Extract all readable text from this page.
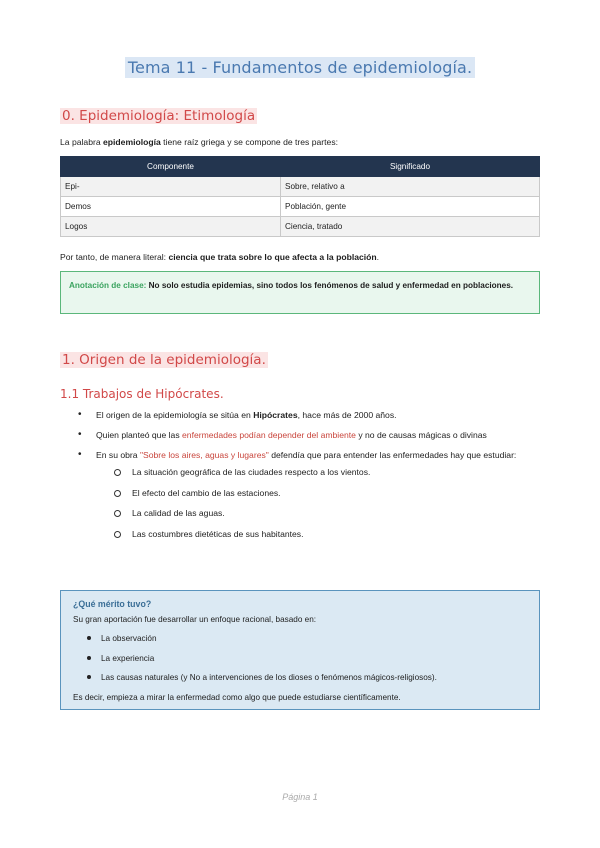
Tema 11 - Fundamentos de epidemiología.
0. Epidemiología: Etimología
La palabra epidemiología tiene raíz griega y se compone de tres partes:
Componente	Significado
Epi-	Sobre, relativo a
Demos	Población, gente
Logos	Ciencia, tratado
Por tanto, de manera literal: ciencia que trata sobre lo que afecta a la población.
Anotación de clase: No solo estudia epidemias, sino todos los fenómenos de salud y enfermedad en poblaciones.
1. Origen de la epidemiología.
1.1 Trabajos de Hipócrates.
• El origen de la epidemiología se sitúa en Hipócrates, hace más de 2000 años.
• Quien planteó que las enfermedades podían depender del ambiente y no de causas mágicas o divinas
• En su obra "Sobre los aires, aguas y lugares" defendía que para entender las enfermedades hay que estudiar:
La situación geográfica de las ciudades respecto a los vientos.
El efecto del cambio de las estaciones.
La calidad de las aguas.
Las costumbres dietéticas de sus habitantes.
¿Qué mérito tuvo?
Su gran aportación fue desarrollar un enfoque racional, basado en:
La observación
La experiencia
Las causas naturales (y No a intervenciones de los dioses o fenómenos mágicos-religiosos).
Es decir, empieza a mirar la enfermedad como algo que puede estudiarse científicamente.
Página 1
